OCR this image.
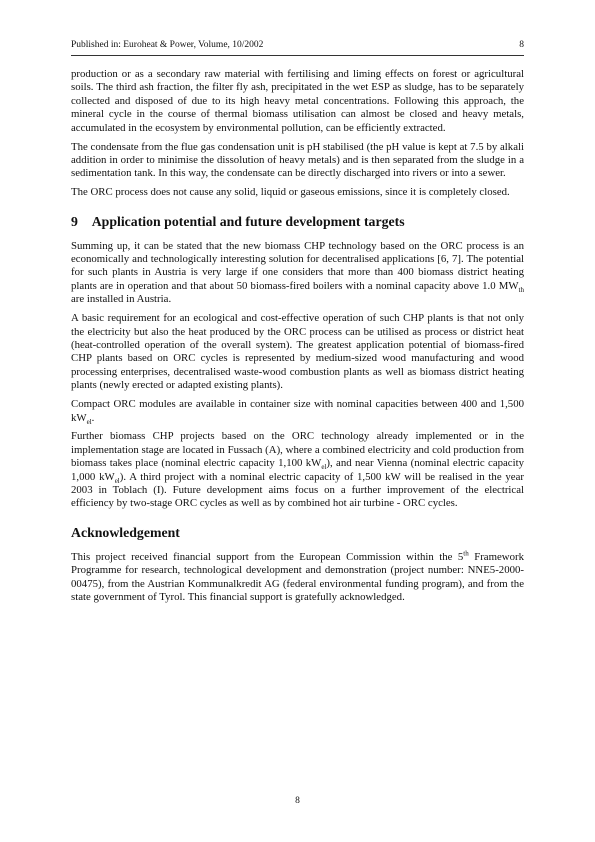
Published in: Euroheat & Power, Volume, 10/2002	8

production or as a secondary raw material with fertilising and liming effects on forest or agricultural soils. The third ash fraction, the filter fly ash, precipitated in the wet ESP as sludge, has to be separately collected and disposed of due to its high heavy metal concentrations. Following this approach, the mineral cycle in the course of thermal biomass utilisation can almost be closed and heavy metals, accumulated in the ecosystem by environmental pollution, can be efficiently extracted.

The condensate from the flue gas condensation unit is pH stabilised (the pH value is kept at 7.5 by alkali addition in order to minimise the dissolution of heavy metals) and is then separated from the sludge in a sedimentation tank. In this way, the condensate can be directly discharged into rivers or into a sewer.

The ORC process does not cause any solid, liquid or gaseous emissions, since it is completely closed.

9 Application potential and future development targets

Summing up, it can be stated that the new biomass CHP technology based on the ORC process is an economically and technologically interesting solution for decentralised applications [6, 7]. The potential for such plants in Austria is very large if one considers that more than 400 biomass district heating plants are in operation and that about 50 biomass-fired boilers with a nominal capacity above 1.0 $MW_{th}$ are installed in Austria.

A basic requirement for an ecological and cost-effective operation of such CHP plants is that not only the electricity but also the heat produced by the ORC process can be utilised as process or district heat (heat-controlled operation of the overall system). The greatest application potential of biomass-fired CHP plants based on ORC cycles is represented by medium-sized wood manufacturing and wood processing enterprises, decentralised waste-wood combustion plants as well as biomass district heating plants (newly erected or adapted existing plants).

Compact ORC modules are available in container size with nominal capacities between 400 and 1,500 $kW_{el}$.

Further biomass CHP projects based on the ORC technology already implemented or in the implementation stage are located in Fussach (A), where a combined electricity and cold production from biomass takes place (nominal electric capacity 1,100 $kW_{el}$), and near Vienna (nominal electric capacity 1,000 $kW_{el}$). A third project with a nominal electric capacity of 1,500 kW will be realised in the year 2003 in Toblach (I). Future development aims focus on a further improvement of the electrical efficiency by two-stage ORC cycles as well as by combined hot air turbine - ORC cycles.

Acknowledgement

This project received financial support from the European Commission within the 5th Framework Programme for research, technological development and demonstration (project number: NNE5-2000-00475), from the Austrian Kommunalkredit AG (federal environmental funding program), and from the state government of Tyrol. This financial support is gratefully acknowledged.

8
